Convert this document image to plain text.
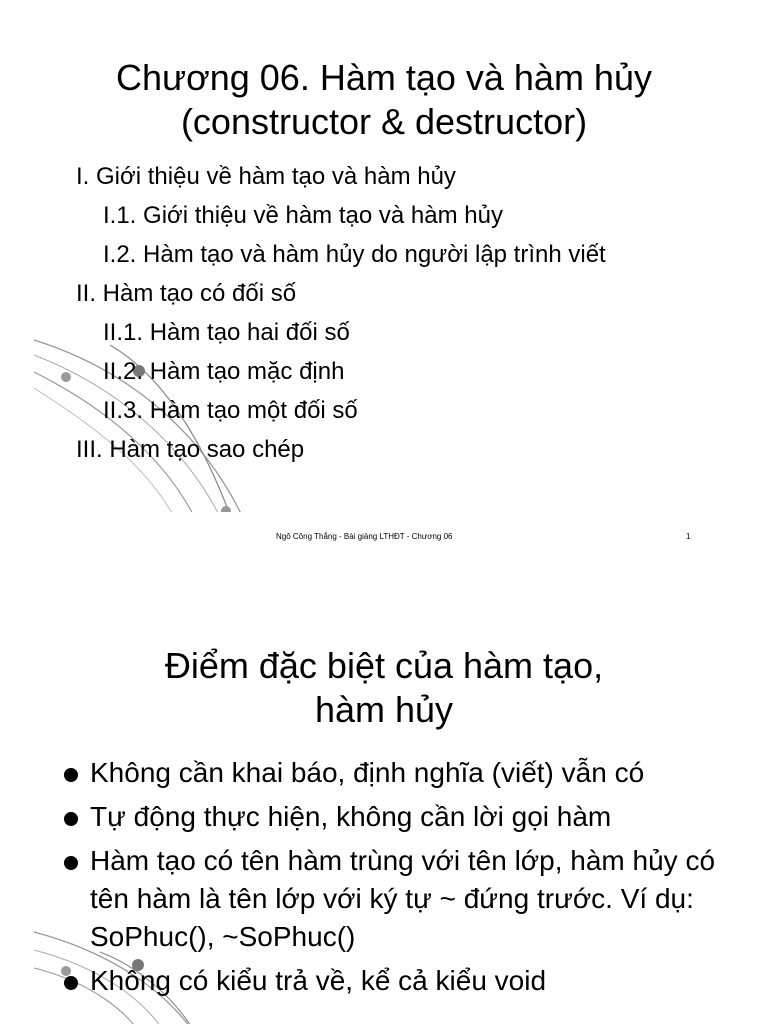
Chương 06. Hàm tạo và hàm hủy
(constructor & destructor)
I. Giới thiệu về hàm tạo và hàm hủy
I.1. Giới thiệu về hàm tạo và hàm hủy
I.2. Hàm tạo và hàm hủy do người lập trình viết
II. Hàm tạo có đối số
II.1. Hàm tạo hai đối số
II.2. Hàm tạo mặc định
II.3. Hàm tạo một đối số
III. Hàm tạo sao chép
Ngô Công Thắng - Bài giảng LTHĐT - Chương 06	1
Điểm đặc biệt của hàm tạo,
hàm hủy
Không cần khai báo, định nghĩa (viết) vẫn có
Tự động thực hiện, không cần lời gọi hàm
Hàm tạo có tên hàm trùng với tên lớp, hàm hủy có tên hàm là tên lớp với ký tự ~ đứng trước. Ví dụ: SoPhuc(), ~SoPhuc()
Không có kiểu trả về, kể cả kiểu void
